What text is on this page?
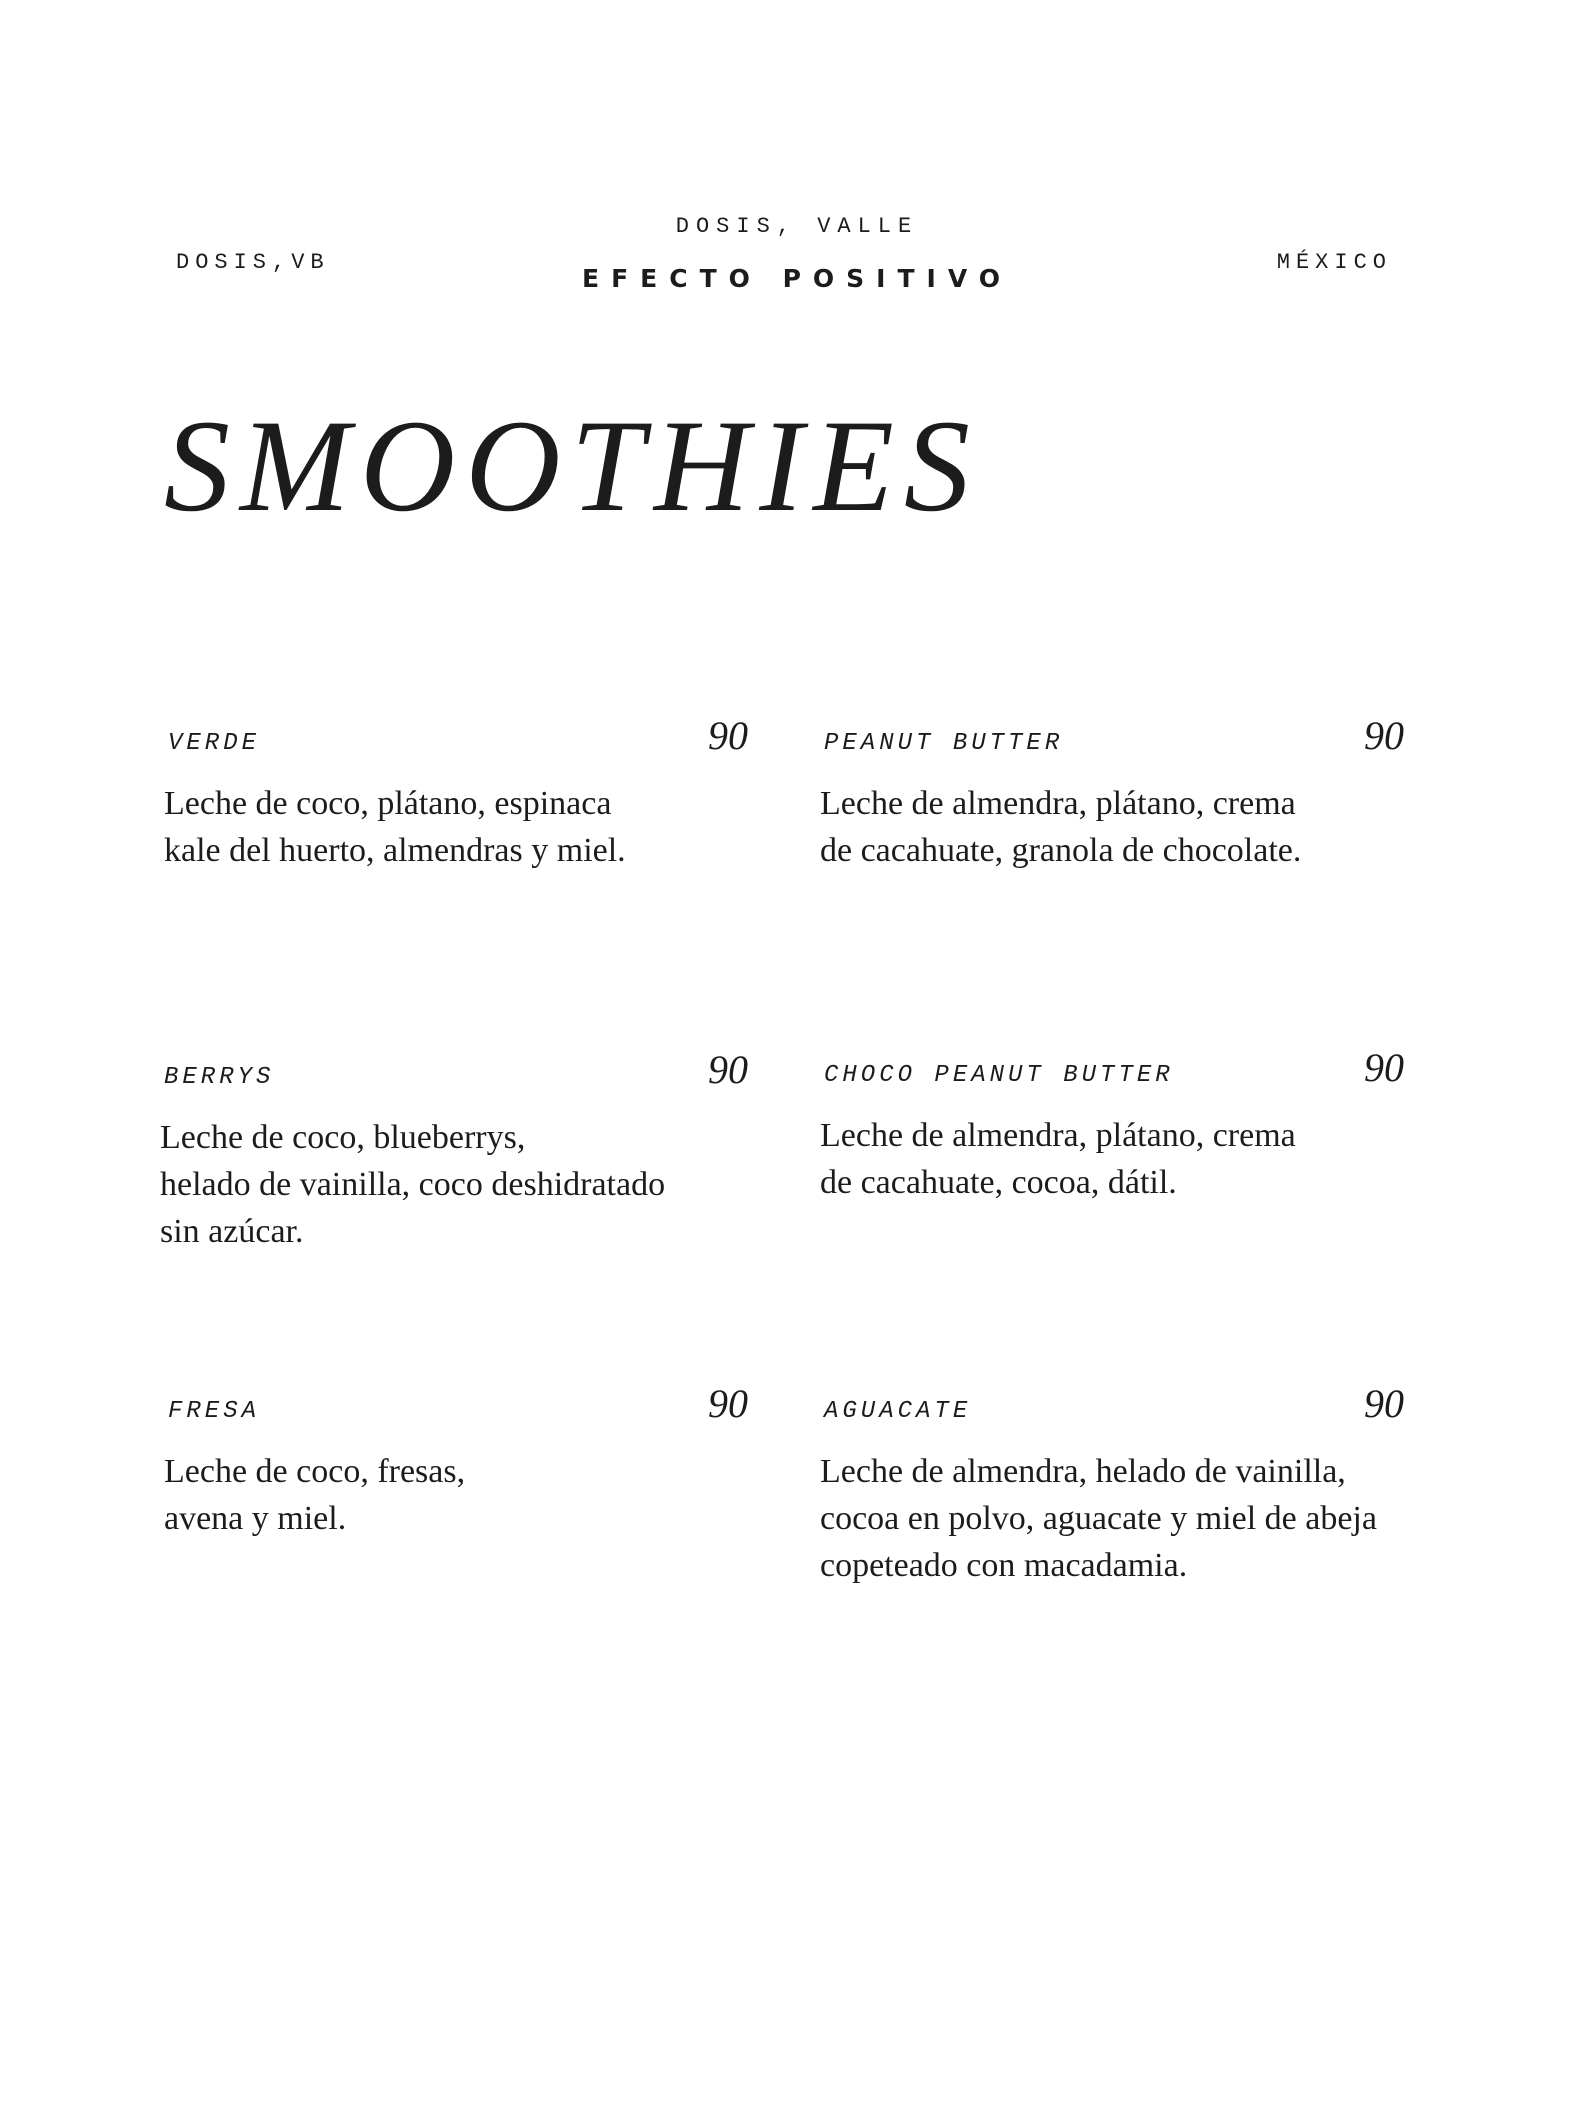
DOSIS,VB
DOSIS, VALLE
EFECTO POSITIVO
MÉXICO
SMOOTHIES
VERDE	90
Leche de coco, plátano, espinaca
kale del huerto, almendras y miel.
PEANUT BUTTER	90
Leche de almendra, plátano, crema
de cacahuate, granola de chocolate.
BERRYS	90
Leche de coco, blueberrys,
helado de vainilla, coco deshidratado
sin azúcar.
CHOCO PEANUT BUTTER	90
Leche de almendra, plátano, crema
de cacahuate, cocoa, dátil.
FRESA	90
Leche de coco, fresas,
avena y miel.
AGUACATE	90
Leche de almendra, helado de vainilla,
cocoa en polvo, aguacate y miel de abeja
copeteado con macadamia.
